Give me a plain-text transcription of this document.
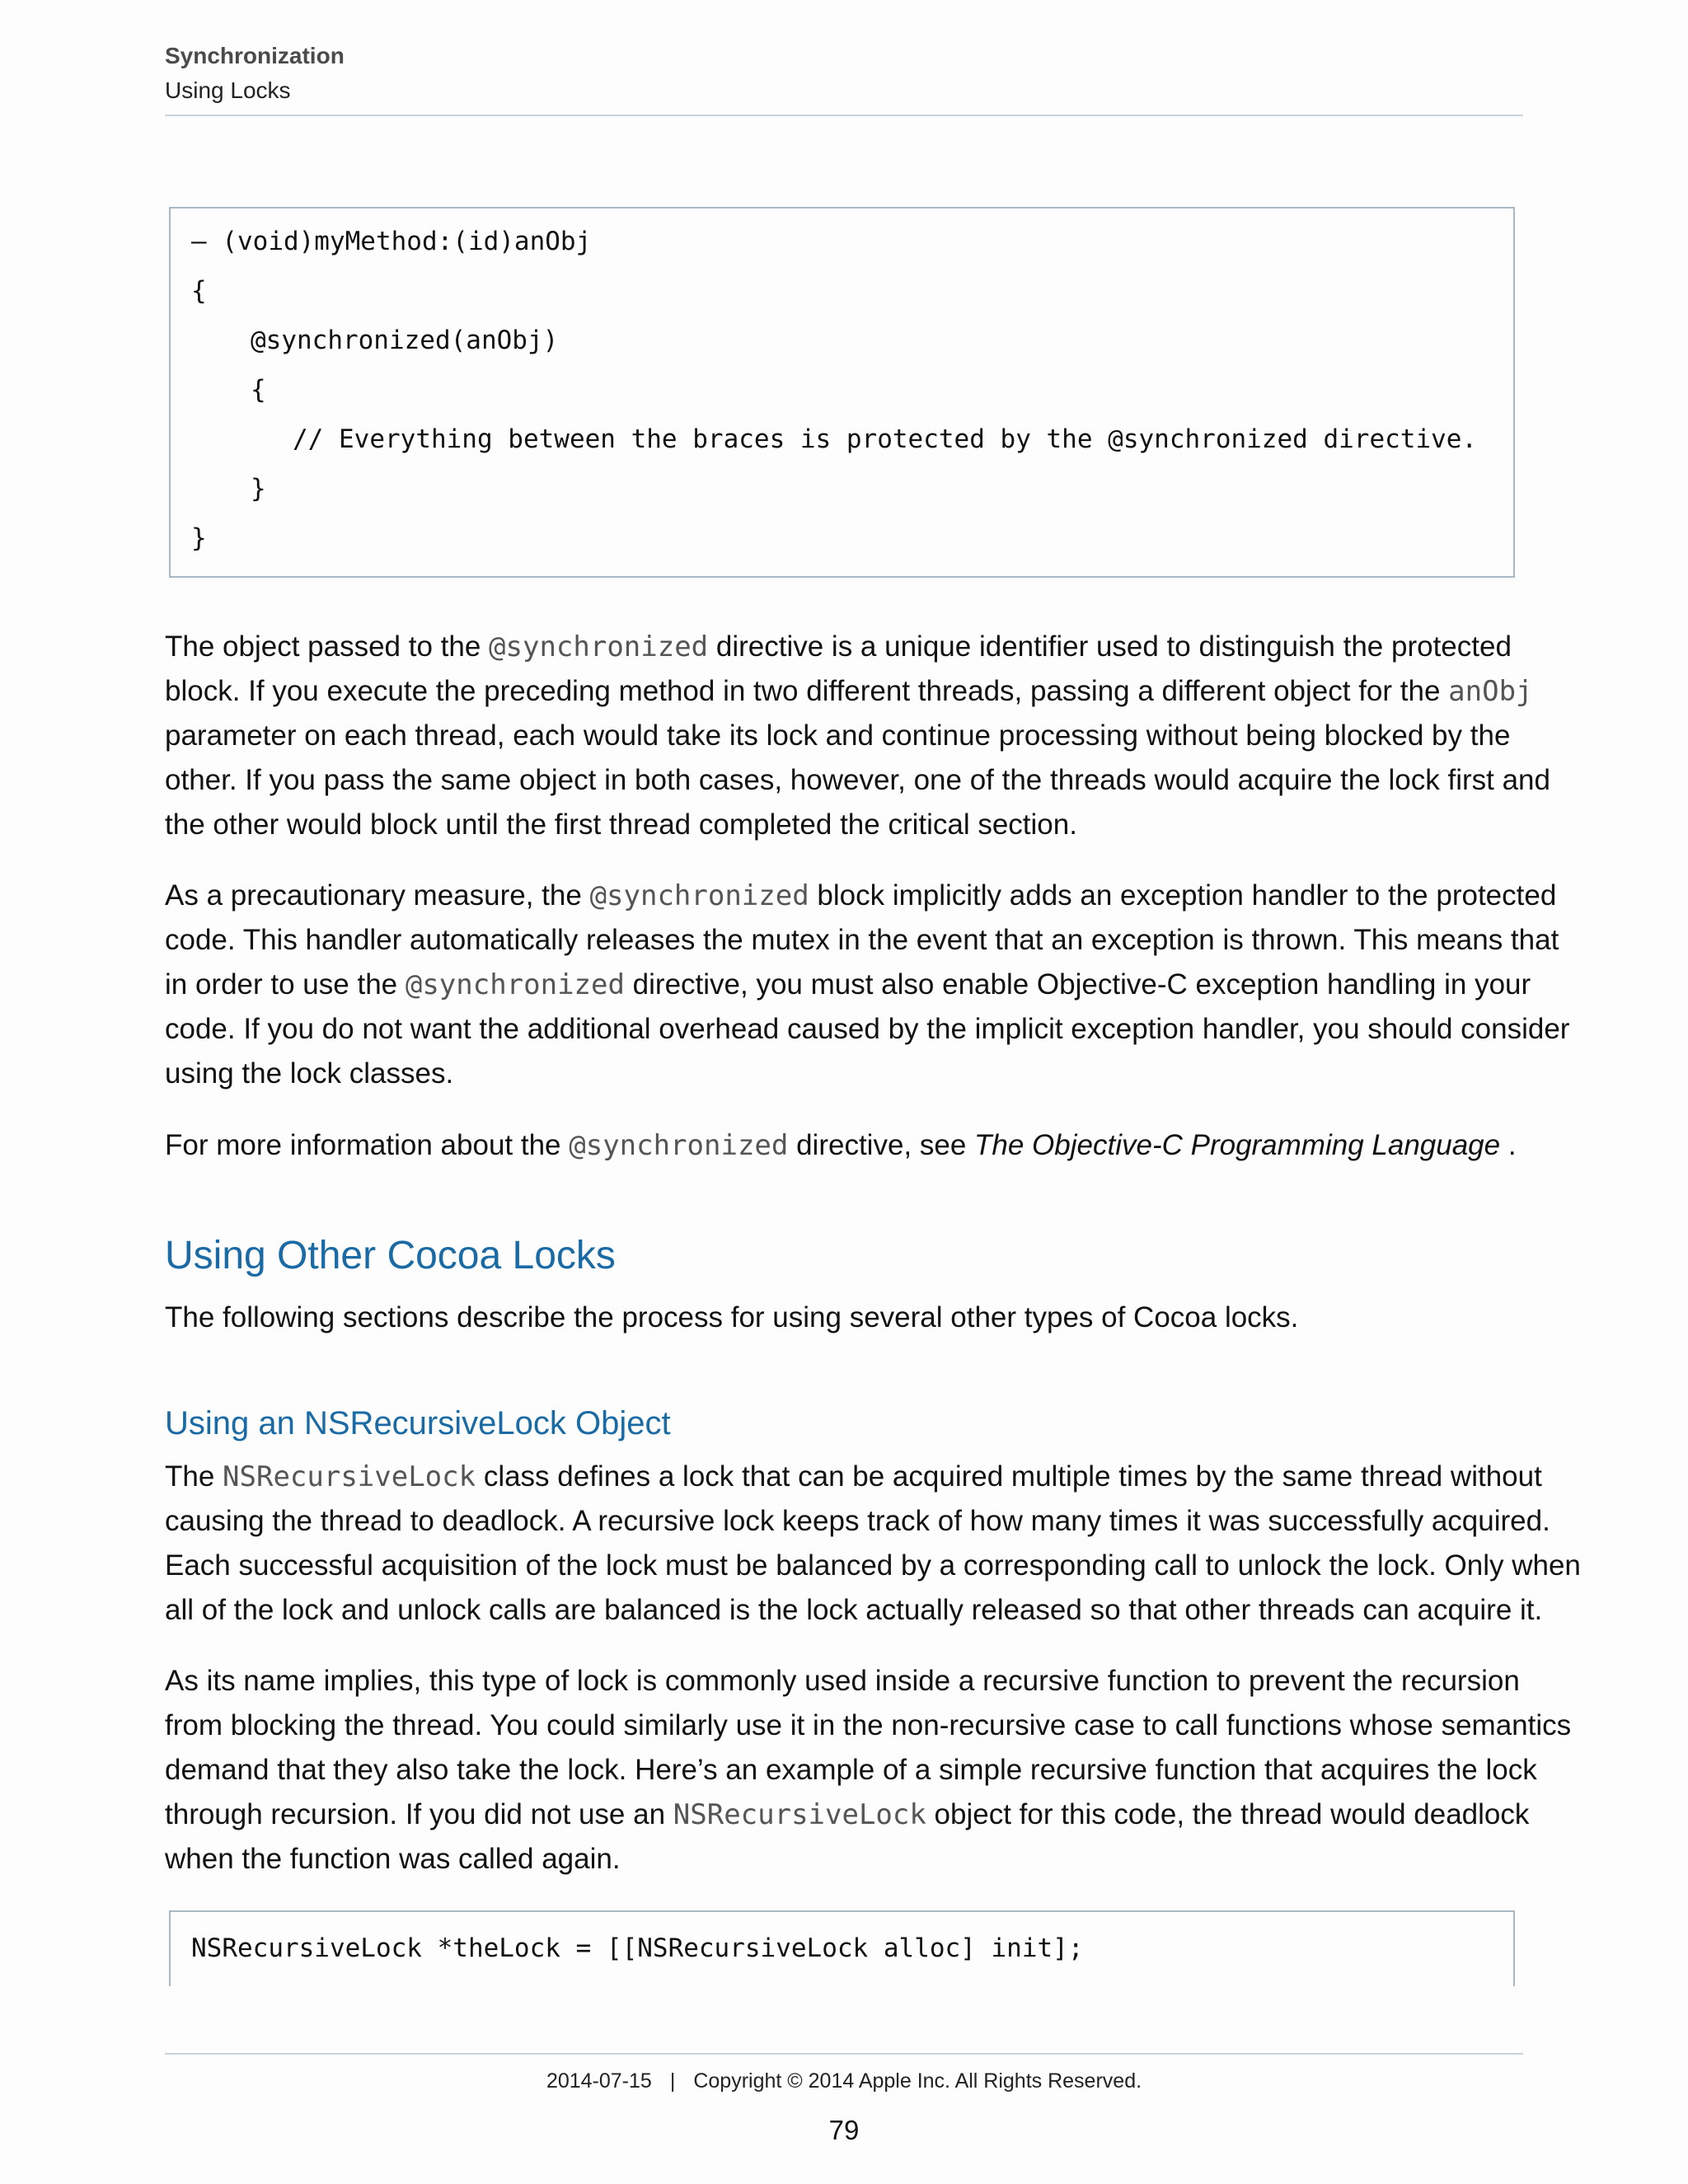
Synchronization
Using Locks
– (void)myMethod:(id)anObj
{
@synchronized(anObj)
{
// Everything between the braces is protected by the @synchronized directive.
}
}
The object passed to the @synchronized directive is a unique identifier used to distinguish the protected
block. If you execute the preceding method in two different threads, passing a different object for the anObj
parameter on each thread, each would take its lock and continue processing without being blocked by the
other. If you pass the same object in both cases, however, one of the threads would acquire the lock first and
the other would block until the first thread completed the critical section.
As a precautionary measure, the @synchronized block implicitly adds an exception handler to the protected
code. This handler automatically releases the mutex in the event that an exception is thrown. This means that
in order to use the @synchronized directive, you must also enable Objective-C exception handling in your
code. If you do not want the additional overhead caused by the implicit exception handler, you should consider
using the lock classes.
For more information about the @synchronized directive, see The Objective-C Programming Language .
Using Other Cocoa Locks
The following sections describe the process for using several other types of Cocoa locks.
Using an NSRecursiveLock Object
The NSRecursiveLock class defines a lock that can be acquired multiple times by the same thread without
causing the thread to deadlock. A recursive lock keeps track of how many times it was successfully acquired.
Each successful acquisition of the lock must be balanced by a corresponding call to unlock the lock. Only when
all of the lock and unlock calls are balanced is the lock actually released so that other threads can acquire it.
As its name implies, this type of lock is commonly used inside a recursive function to prevent the recursion
from blocking the thread. You could similarly use it in the non-recursive case to call functions whose semantics
demand that they also take the lock. Here’s an example of a simple recursive function that acquires the lock
through recursion. If you did not use an NSRecursiveLock object for this code, the thread would deadlock
when the function was called again.
NSRecursiveLock *theLock = [[NSRecursiveLock alloc] init];
2014-07-15 | Copyright © 2014 Apple Inc. All Rights Reserved.
79
